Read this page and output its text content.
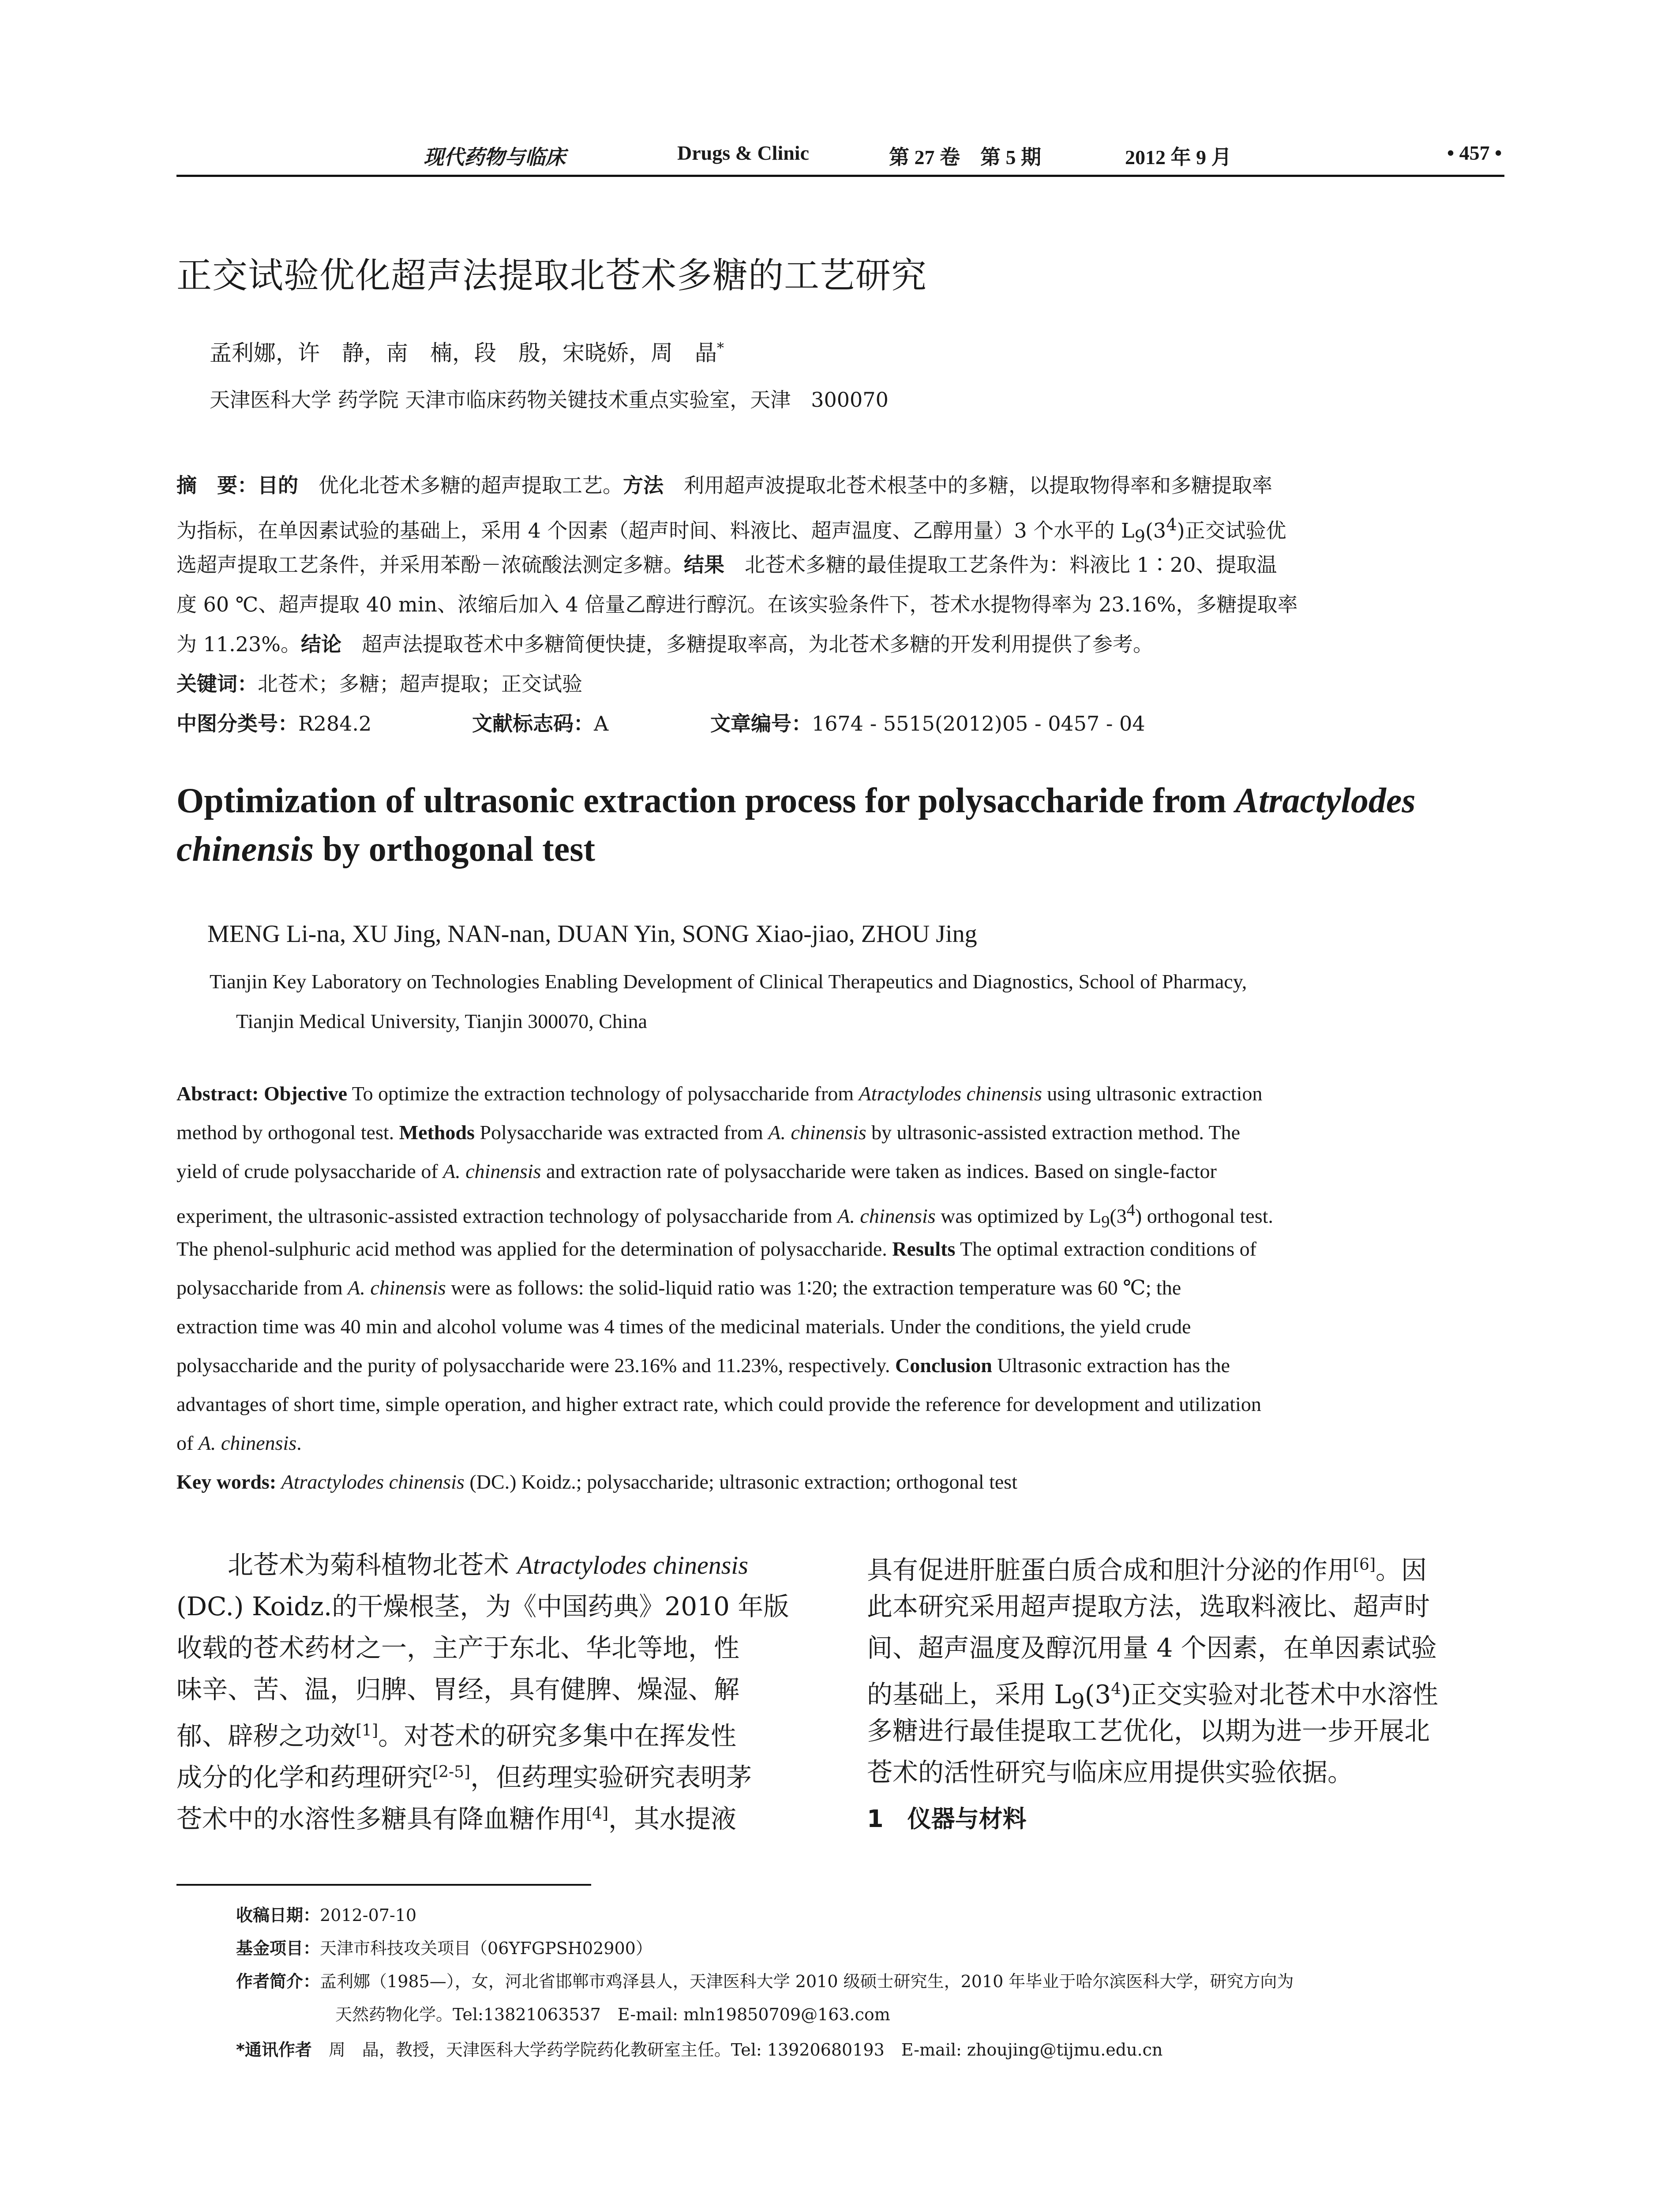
现代药物与临床	Drugs & Clinic	第 27 卷　第 5 期	2012 年 9 月	• 457 •
正交试验优化超声法提取北苍术多糖的工艺研究
孟利娜，许　静，南　楠，段　殷，宋晓娇，周　晶*
天津医科大学 药学院 天津市临床药物关键技术重点实验室，天津　300070
摘　要：目的　优化北苍术多糖的超声提取工艺。方法　利用超声波提取北苍术根茎中的多糖，以提取物得率和多糖提取率
为指标，在单因素试验的基础上，采用 4 个因素（超声时间、料液比、超声温度、乙醇用量）3 个水平的 $L_9(3^4)$正交试验优
选超声提取工艺条件，并采用苯酚－浓硫酸法测定多糖。结果　北苍术多糖的最佳提取工艺条件为：料液比 1∶20、提取温
度 60 ℃、超声提取 40 min、浓缩后加入 4 倍量乙醇进行醇沉。在该实验条件下，苍术水提物得率为 23.16%，多糖提取率
为 11.23%。结论　超声法提取苍术中多糖简便快捷，多糖提取率高，为北苍术多糖的开发利用提供了参考。
关键词：北苍术；多糖；超声提取；正交试验
中图分类号：R284.2	文献标志码：A	文章编号：1674 - 5515(2012)05 - 0457 - 04
Optimization of ultrasonic extraction process for polysaccharide from Atractylodes chinensis by orthogonal test
MENG Li-na, XU Jing, NAN-nan, DUAN Yin, SONG Xiao-jiao, ZHOU Jing
Tianjin Key Laboratory on Technologies Enabling Development of Clinical Therapeutics and Diagnostics, School of Pharmacy,
Tianjin Medical University, Tianjin 300070, China
Abstract: Objective To optimize the extraction technology of polysaccharide from Atractylodes chinensis using ultrasonic extraction
method by orthogonal test. Methods Polysaccharide was extracted from A. chinensis by ultrasonic-assisted extraction method. The
yield of crude polysaccharide of A. chinensis and extraction rate of polysaccharide were taken as indices. Based on single-factor
experiment, the ultrasonic-assisted extraction technology of polysaccharide from A. chinensis was optimized by $L_9(3^4)$ orthogonal test.
The phenol-sulphuric acid method was applied for the determination of polysaccharide. Results The optimal extraction conditions of
polysaccharide from A. chinensis were as follows: the solid-liquid ratio was 1∶20; the extraction temperature was 60 ℃; the
extraction time was 40 min and alcohol volume was 4 times of the medicinal materials. Under the conditions, the yield crude
polysaccharide and the purity of polysaccharide were 23.16% and 11.23%, respectively. Conclusion Ultrasonic extraction has the
advantages of short time, simple operation, and higher extract rate, which could provide the reference for development and utilization
of A. chinensis.
Key words: Atractylodes chinensis (DC.) Koidz.; polysaccharide; ultrasonic extraction; orthogonal test
　　北苍术为菊科植物北苍术 Atractylodes chinensis
(DC.) Koidz.的干燥根茎，为《中国药典》2010 年版
收载的苍术药材之一，主产于东北、华北等地，性
味辛、苦、温，归脾、胃经，具有健脾、燥湿、解
郁、辟秽之功效[1]。对苍术的研究多集中在挥发性
成分的化学和药理研究[2-5]，但药理实验研究表明茅
苍术中的水溶性多糖具有降血糖作用[4]，其水提液
具有促进肝脏蛋白质合成和胆汁分泌的作用[6]。因
此本研究采用超声提取方法，选取料液比、超声时
间、超声温度及醇沉用量 4 个因素，在单因素试验
的基础上，采用 $L_9(3^4)$正交实验对北苍术中水溶性
多糖进行最佳提取工艺优化，以期为进一步开展北
苍术的活性研究与临床应用提供实验依据。
1　仪器与材料
收稿日期：2012-07-10
基金项目：天津市科技攻关项目（06YFGPSH02900）
作者简介：孟利娜（1985—），女，河北省邯郸市鸡泽县人，天津医科大学 2010 级硕士研究生，2010 年毕业于哈尔滨医科大学，研究方向为
天然药物化学。Tel:13821063537　E-mail: mln19850709@163.com
*通讯作者　周　晶，教授，天津医科大学药学院药化教研室主任。Tel: 13920680193　E-mail: zhoujing@tijmu.edu.cn
